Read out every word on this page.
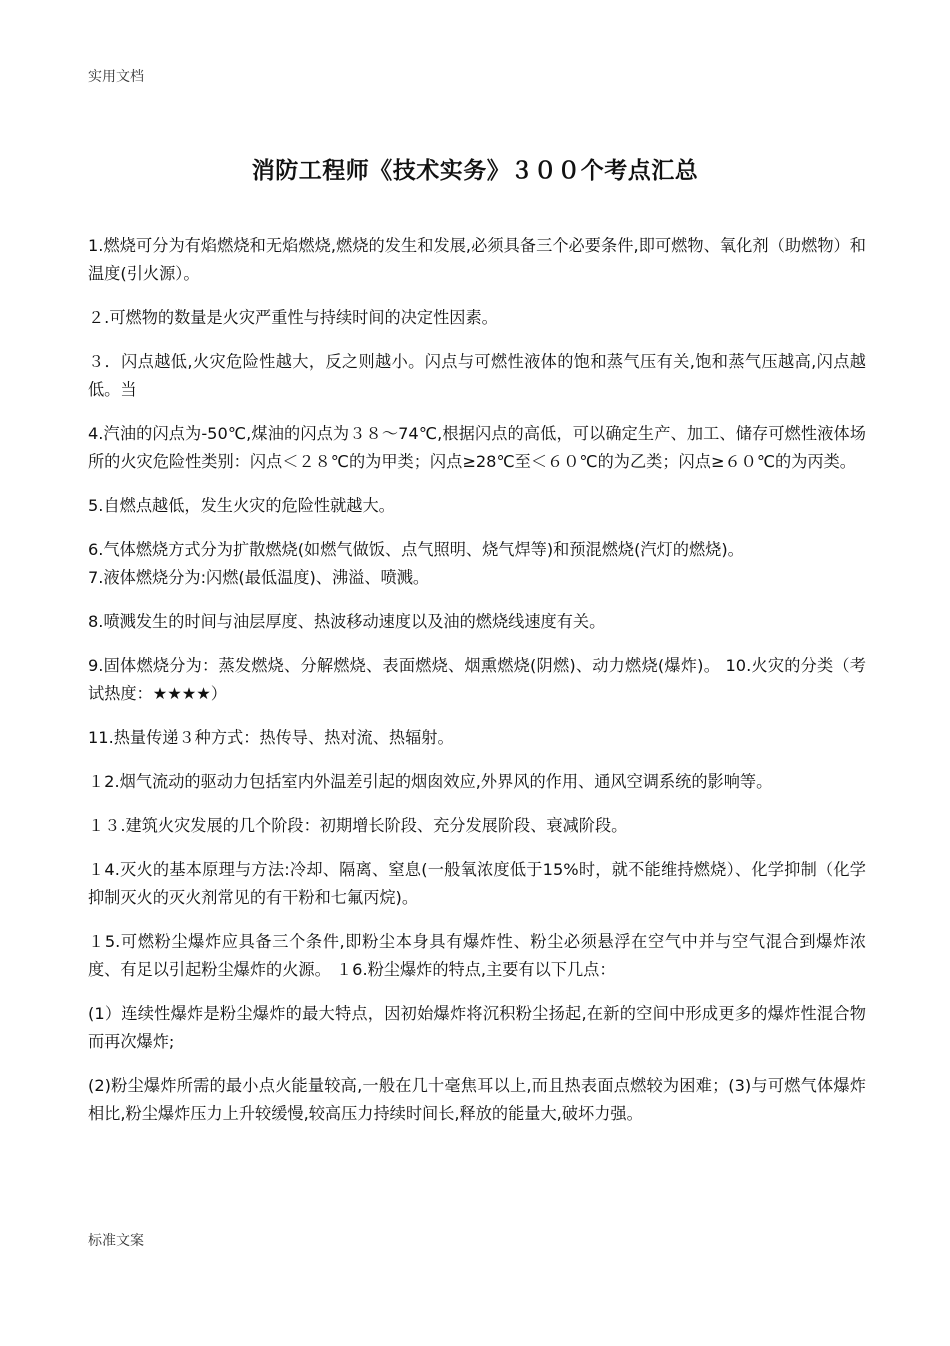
实用文档
消防工程师《技术实务》３００个考点汇总

1.燃烧可分为有焰燃烧和无焰燃烧,燃烧的发生和发展,必须具备三个必要条件,即可燃物、氧化剂（助燃物）和温度(引火源）。

２.可燃物的数量是火灾严重性与持续时间的决定性因素。

３．闪点越低,火灾危险性越大，反之则越小。闪点与可燃性液体的饱和蒸气压有关,饱和蒸气压越高,闪点越低。当

4.汽油的闪点为-50℃,煤油的闪点为３８～74℃,根据闪点的高低，可以确定生产、加工、储存可燃性液体场所的火灾危险性类别：闪点＜２８℃的为甲类；闪点≥28℃至＜６０℃的为乙类；闪点≥６０℃的为丙类。

5.自燃点越低，发生火灾的危险性就越大。

6.气体燃烧方式分为扩散燃烧(如燃气做饭、点气照明、烧气焊等)和预混燃烧(汽灯的燃烧)。

7.液体燃烧分为:闪燃(最低温度)、沸溢、喷溅。

8.喷溅发生的时间与油层厚度、热波移动速度以及油的燃烧线速度有关。

9.固体燃烧分为：蒸发燃烧、分解燃烧、表面燃烧、烟熏燃烧(阴燃)、动力燃烧(爆炸)。 10.火灾的分类（考试热度：★★★★）

11.热量传递３种方式：热传导、热对流、热辐射。

１2.烟气流动的驱动力包括室内外温差引起的烟囱效应,外界风的作用、通风空调系统的影响等。

１３.建筑火灾发展的几个阶段：初期增长阶段、充分发展阶段、衰减阶段。

１4.灭火的基本原理与方法:冷却、隔离、窒息(一般氧浓度低于15%时，就不能维持燃烧）、化学抑制（化学抑制灭火的灭火剂常见的有干粉和七氟丙烷)。

１5.可燃粉尘爆炸应具备三个条件,即粉尘本身具有爆炸性、粉尘必须悬浮在空气中并与空气混合到爆炸浓度、有足以引起粉尘爆炸的火源。 １6.粉尘爆炸的特点,主要有以下几点：

(1）连续性爆炸是粉尘爆炸的最大特点，因初始爆炸将沉积粉尘扬起,在新的空间中形成更多的爆炸性混合物而再次爆炸;

(2)粉尘爆炸所需的最小点火能量较高,一般在几十毫焦耳以上,而且热表面点燃较为困难；(3)与可燃气体爆炸相比,粉尘爆炸压力上升较缓慢,较高压力持续时间长,释放的能量大,破坏力强。

标准文案
